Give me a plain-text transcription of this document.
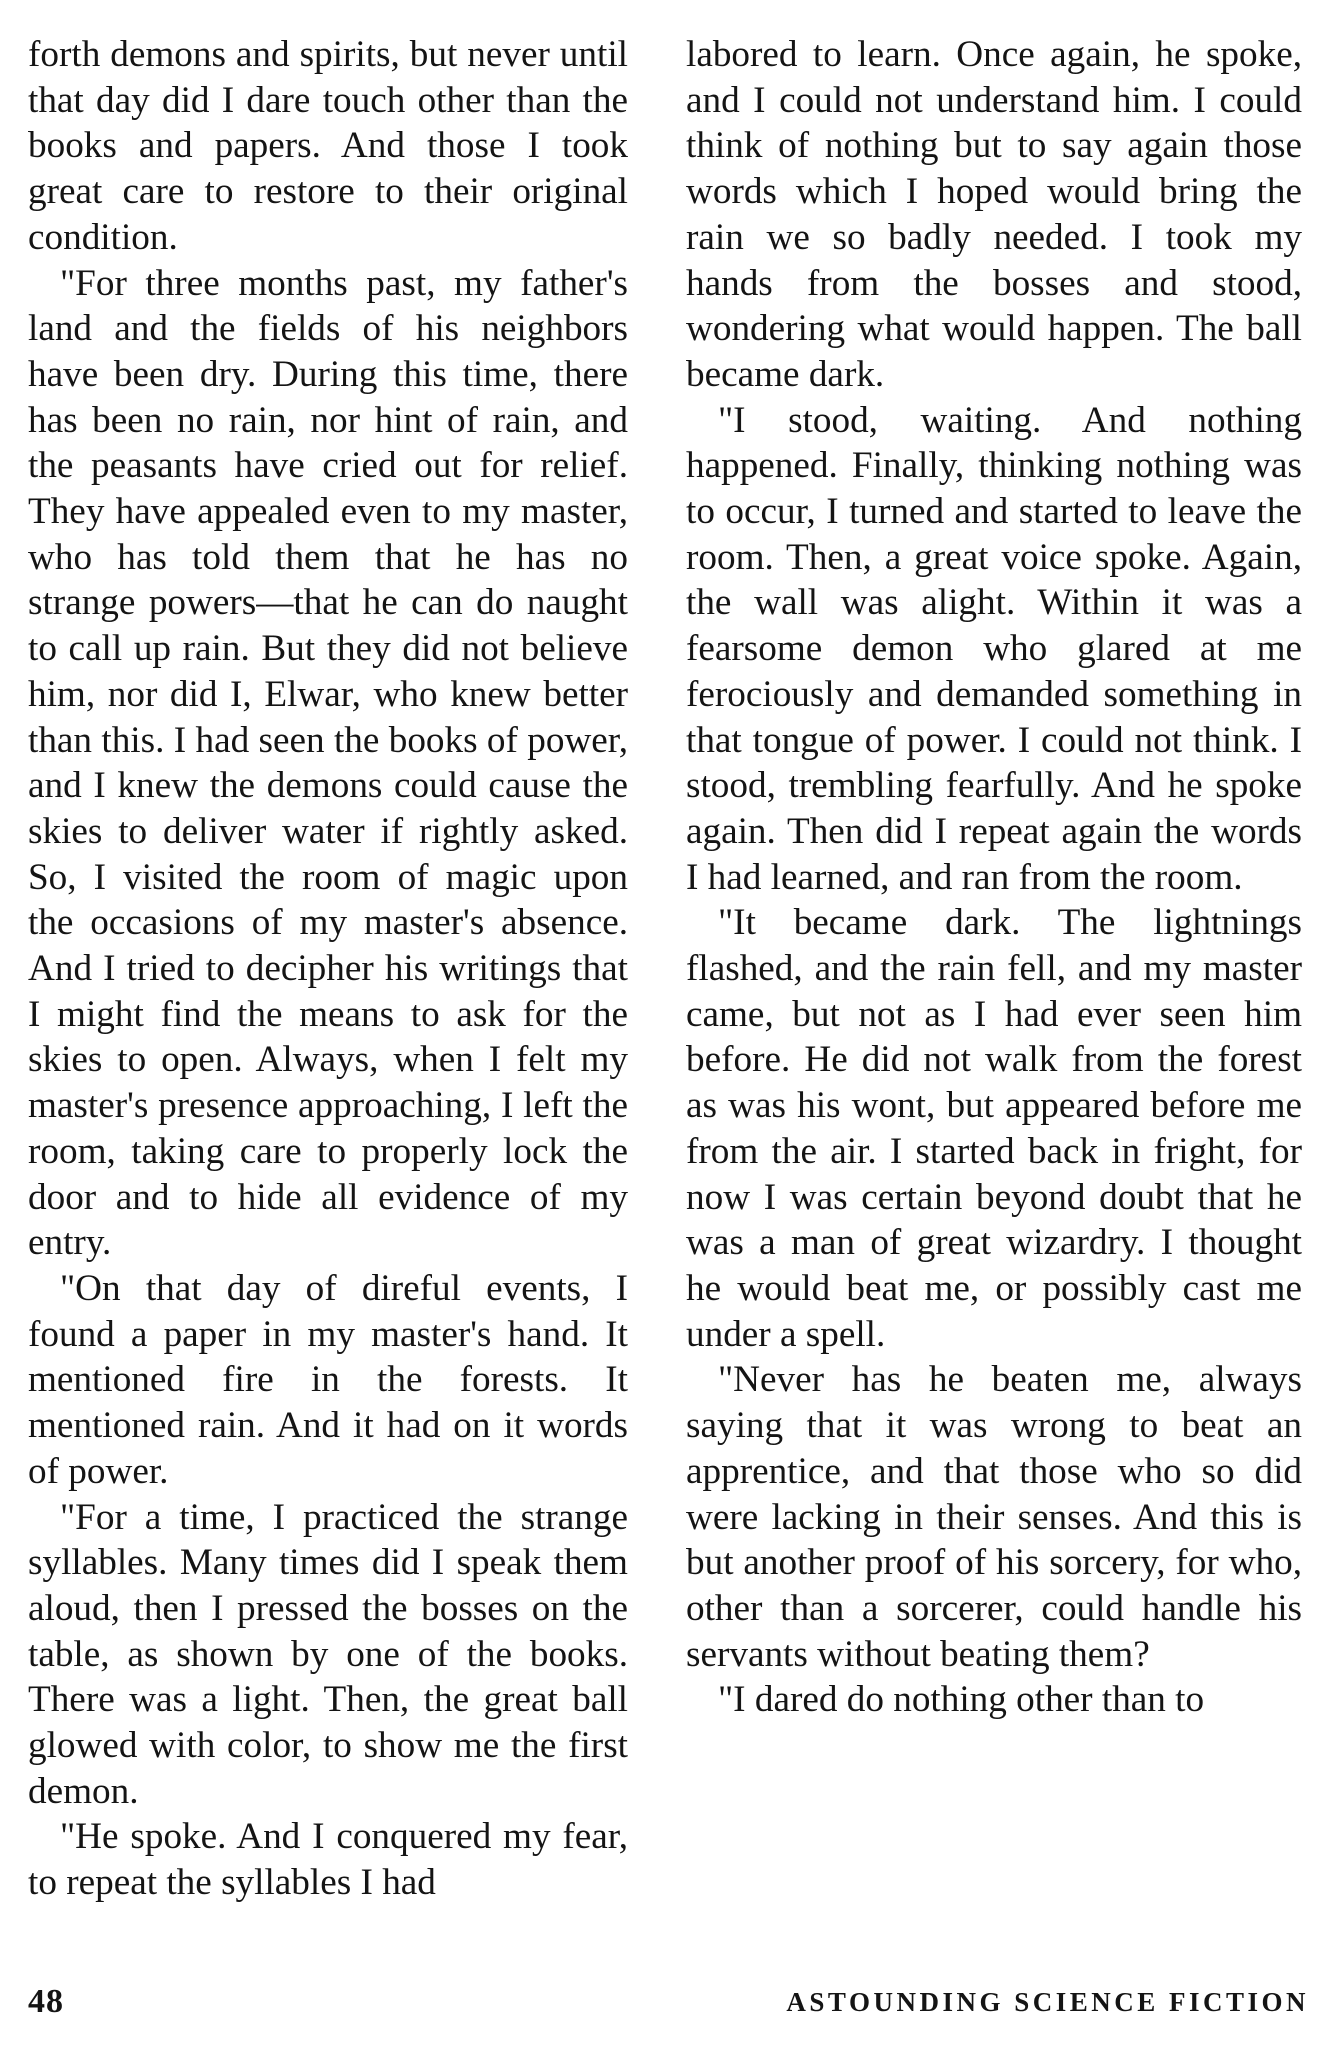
forth demons and spirits, but never until that day did I dare touch other than the books and papers. And those I took great care to restore to their original condition.

"For three months past, my father's land and the fields of his neighbors have been dry. During this time, there has been no rain, nor hint of rain, and the peasants have cried out for relief. They have appealed even to my master, who has told them that he has no strange powers—that he can do naught to call up rain. But they did not believe him, nor did I, Elwar, who knew better than this. I had seen the books of power, and I knew the demons could cause the skies to deliver water if rightly asked. So, I visited the room of magic upon the occasions of my master's absence. And I tried to decipher his writings that I might find the means to ask for the skies to open. Always, when I felt my master's presence approaching, I left the room, taking care to properly lock the door and to hide all evidence of my entry.

"On that day of direful events, I found a paper in my master's hand. It mentioned fire in the forests. It mentioned rain. And it had on it words of power.

"For a time, I practiced the strange syllables. Many times did I speak them aloud, then I pressed the bosses on the table, as shown by one of the books. There was a light. Then, the great ball glowed with color, to show me the first demon.

"He spoke. And I conquered my fear, to repeat the syllables I had

labored to learn. Once again, he spoke, and I could not understand him. I could think of nothing but to say again those words which I hoped would bring the rain we so badly needed. I took my hands from the bosses and stood, wondering what would happen. The ball became dark.

"I stood, waiting. And nothing happened. Finally, thinking nothing was to occur, I turned and started to leave the room. Then, a great voice spoke. Again, the wall was alight. Within it was a fearsome demon who glared at me ferociously and demanded something in that tongue of power. I could not think. I stood, trembling fearfully. And he spoke again. Then did I repeat again the words I had learned, and ran from the room.

"It became dark. The lightnings flashed, and the rain fell, and my master came, but not as I had ever seen him before. He did not walk from the forest as was his wont, but appeared before me from the air. I started back in fright, for now I was certain beyond doubt that he was a man of great wizardry. I thought he would beat me, or possibly cast me under a spell.

"Never has he beaten me, always saying that it was wrong to beat an apprentice, and that those who so did were lacking in their senses. And this is but another proof of his sorcery, for who, other than a sorcerer, could handle his servants without beating them?

"I dared do nothing other than to

48	ASTOUNDING SCIENCE FICTION
